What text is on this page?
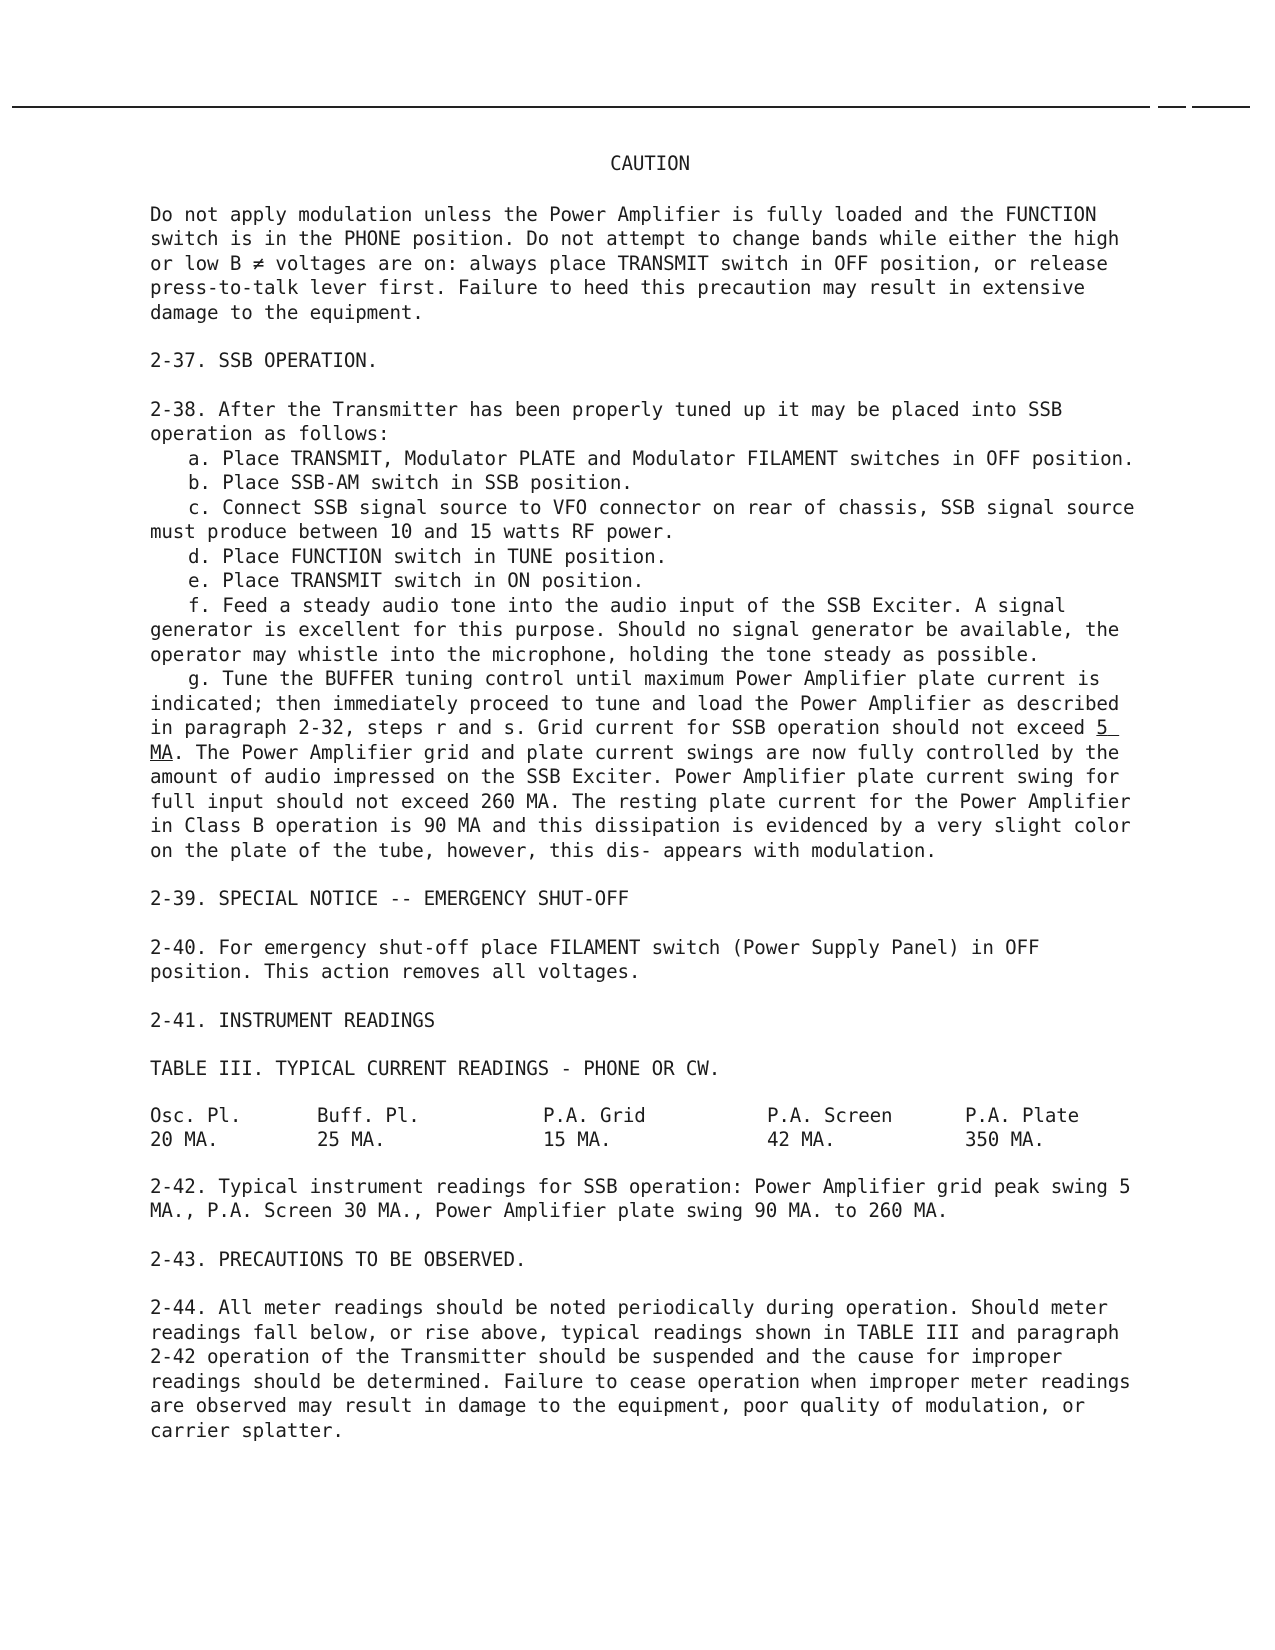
CAUTION

Do not apply modulation unless the Power Amplifier is fully loaded and the FUNCTION switch is in the PHONE position. Do not attempt to change bands while either the high or low B ≠ voltages are on: always place TRANSMIT switch in OFF position, or release press-to-talk lever first. Failure to heed this precaution may result in extensive damage to the equipment.

2-37. SSB OPERATION.

2-38. After the Transmitter has been properly tuned up it may be placed into SSB operation as follows:

a. Place TRANSMIT, Modulator PLATE and Modulator FILAMENT switches in OFF position.

b. Place SSB-AM switch in SSB position.

c. Connect SSB signal source to VFO connector on rear of chassis, SSB signal source must produce between 10 and 15 watts RF power.

d. Place FUNCTION switch in TUNE position.

e. Place TRANSMIT switch in ON position.

f. Feed a steady audio tone into the audio input of the SSB Exciter. A signal generator is excellent for this purpose. Should no signal generator be available, the operator may whistle into the microphone, holding the tone steady as possible.

g. Tune the BUFFER tuning control until maximum Power Amplifier plate current is indicated; then immediately proceed to tune and load the Power Amplifier as described in paragraph 2-32, steps r and s. Grid current for SSB operation should not exceed 5 MA. The Power Amplifier grid and plate current swings are now fully controlled by the amount of audio impressed on the SSB Exciter. Power Amplifier plate current swing for full input should not exceed 260 MA. The resting plate current for the Power Amplifier in Class B operation is 90 MA and this dissipation is evidenced by a very slight color on the plate of the tube, however, this dis- appears with modulation.

2-39. SPECIAL NOTICE -- EMERGENCY SHUT-OFF

2-40. For emergency shut-off place FILAMENT switch (Power Supply Panel) in OFF position. This action removes all voltages.

2-41. INSTRUMENT READINGS

TABLE III. TYPICAL CURRENT READINGS - PHONE OR CW.

Osc. Pl.	Buff. Pl.	P.A. Grid	P.A. Screen	P.A. Plate
20 MA.	25 MA.	15 MA.	42 MA.	350 MA.

2-42. Typical instrument readings for SSB operation: Power Amplifier grid peak swing 5 MA., P.A. Screen 30 MA., Power Amplifier plate swing 90 MA. to 260 MA.

2-43. PRECAUTIONS TO BE OBSERVED.

2-44. All meter readings should be noted periodically during operation. Should meter readings fall below, or rise above, typical readings shown in TABLE III and paragraph 2-42 operation of the Transmitter should be suspended and the cause for improper readings should be determined. Failure to cease operation when improper meter readings are observed may result in damage to the equipment, poor quality of modulation, or carrier splatter.
